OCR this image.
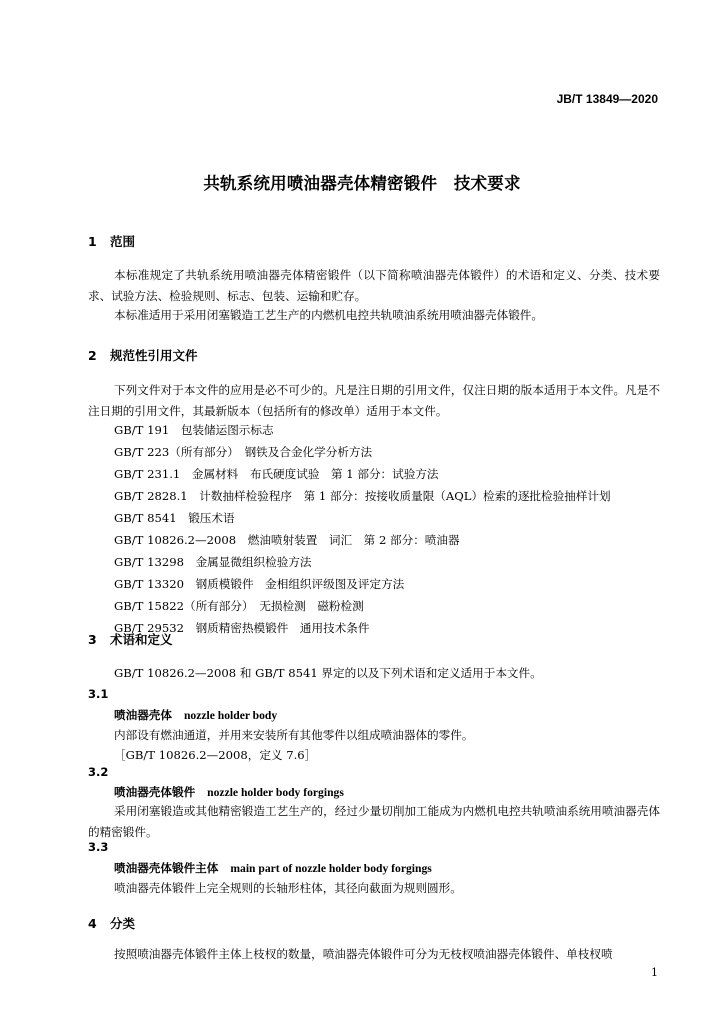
JB/T 13849—2020
共轨系统用喷油器壳体精密锻件　技术要求
1 范围
本标准规定了共轨系统用喷油器壳体精密锻件（以下简称喷油器壳体锻件）的术语和定义、分类、技术要求、试验方法、检验规则、标志、包装、运输和贮存。
本标准适用于采用闭塞锻造工艺生产的内燃机电控共轨喷油系统用喷油器壳体锻件。
2 规范性引用文件
下列文件对于本文件的应用是必不可少的。凡是注日期的引用文件，仅注日期的版本适用于本文件。凡是不注日期的引用文件，其最新版本（包括所有的修改单）适用于本文件。
GB/T 191　包装储运图示标志
GB/T 223（所有部分）　钢铁及合金化学分析方法
GB/T 231.1　金属材料　布氏硬度试验　第 1 部分：试验方法
GB/T 2828.1　计数抽样检验程序　第 1 部分：按接收质量限（AQL）检索的逐批检验抽样计划
GB/T 8541　锻压术语
GB/T 10826.2—2008　燃油喷射装置　词汇　第 2 部分：喷油器
GB/T 13298　金属显微组织检验方法
GB/T 13320　钢质模锻件　金相组织评级图及评定方法
GB/T 15822（所有部分）　无损检测　磁粉检测
GB/T 29532　钢质精密热模锻件　通用技术条件
3 术语和定义
GB/T 10826.2—2008 和 GB/T 8541 界定的以及下列术语和定义适用于本文件。
3.1
喷油器壳体 nozzle holder body
内部设有燃油通道，并用来安装所有其他零件以组成喷油器体的零件。
［GB/T 10826.2—2008，定义 7.6］
3.2
喷油器壳体锻件 nozzle holder body forgings
采用闭塞锻造或其他精密锻造工艺生产的，经过少量切削加工能成为内燃机电控共轨喷油系统用喷油器壳体的精密锻件。
3.3
喷油器壳体锻件主体 main part of nozzle holder body forgings
喷油器壳体锻件上完全规则的长轴形柱体，其径向截面为规则圆形。
4 分类
按照喷油器壳体锻件主体上枝杈的数量，喷油器壳体锻件可分为无枝杈喷油器壳体锻件、单枝杈喷
1
